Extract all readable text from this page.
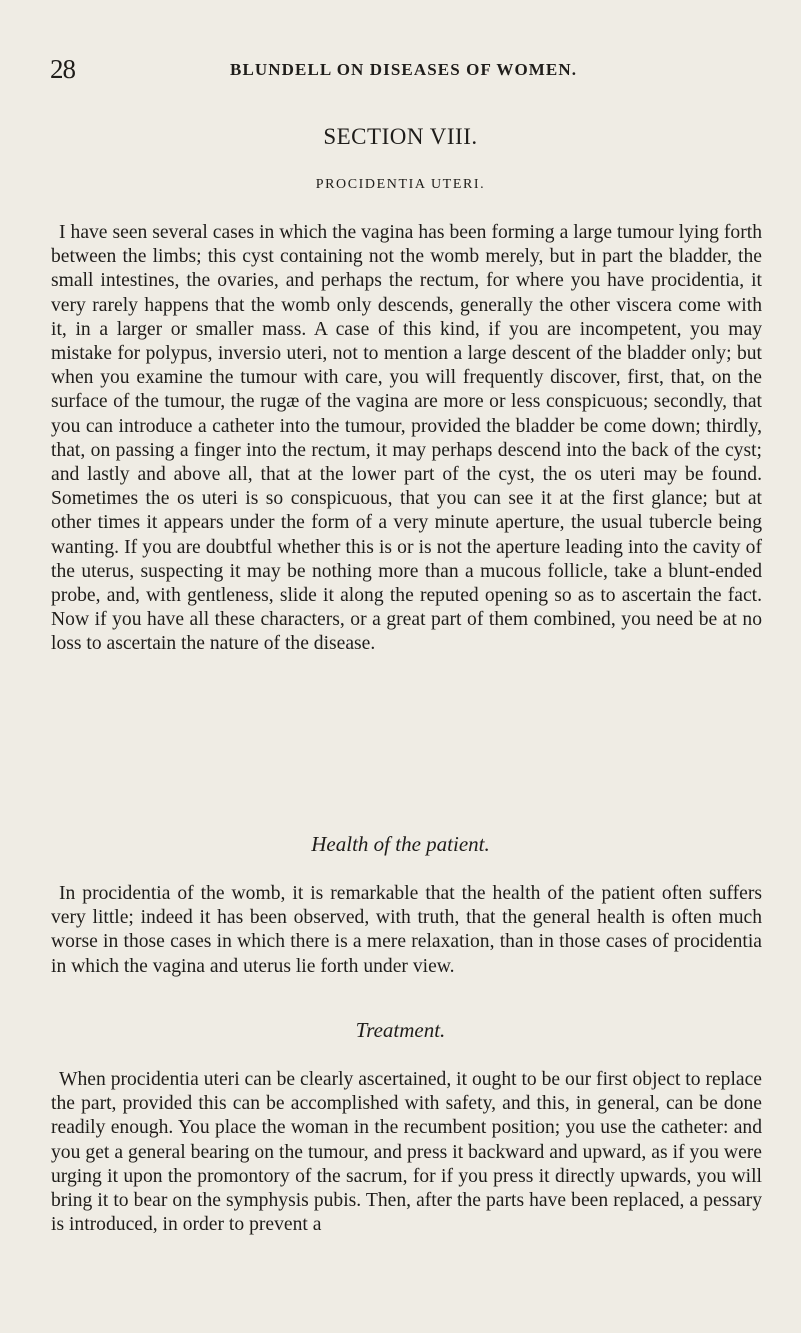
28	BLUNDELL ON DISEASES OF WOMEN.
SECTION VIII.
PROCIDENTIA UTERI.

I have seen several cases in which the vagina has been forming a large tumour lying forth between the limbs; this cyst containing not the womb merely, but in part the bladder, the small intestines, the ovaries, and perhaps the rectum, for where you have procidentia, it very rarely happens that the womb only descends, generally the other viscera come with it, in a larger or smaller mass. A case of this kind, if you are incompetent, you may mistake for polypus, inversio uteri, not to mention a large descent of the bladder only; but when you examine the tumour with care, you will frequently discover, first, that, on the surface of the tumour, the rugæ of the vagina are more or less conspicuous; secondly, that you can introduce a catheter into the tumour, provided the bladder be come down; thirdly, that, on passing a finger into the rectum, it may perhaps descend into the back of the cyst; and lastly and above all, that at the lower part of the cyst, the os uteri may be found. Sometimes the os uteri is so conspicuous, that you can see it at the first glance; but at other times it appears under the form of a very minute aperture, the usual tubercle being wanting. If you are doubtful whether this is or is not the aperture leading into the cavity of the uterus, suspecting it may be nothing more than a mucous follicle, take a blunt-ended probe, and, with gentleness, slide it along the reputed opening so as to ascertain the fact. Now if you have all these characters, or a great part of them combined, you need be at no loss to ascertain the nature of the disease.

Health of the patient.

In procidentia of the womb, it is remarkable that the health of the patient often suffers very little; indeed it has been observed, with truth, that the general health is often much worse in those cases in which there is a mere relaxation, than in those cases of procidentia in which the vagina and uterus lie forth under view.

Treatment.

When procidentia uteri can be clearly ascertained, it ought to be our first object to replace the part, provided this can be accomplished with safety, and this, in general, can be done readily enough. You place the woman in the recumbent position; you use the catheter: and you get a general bearing on the tumour, and press it backward and upward, as if you were urging it upon the promontory of the sacrum, for if you press it directly upwards, you will bring it to bear on the symphysis pubis. Then, after the parts have been replaced, a pessary is introduced, in order to prevent a
